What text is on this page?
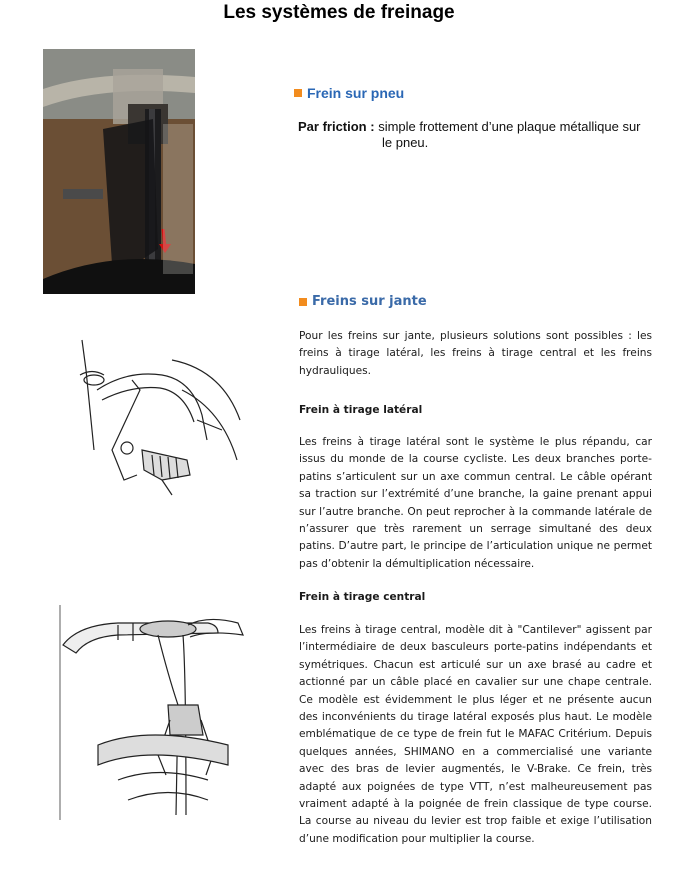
Les systèmes de freinage
Frein sur pneu
Par friction : simple frottement d’une plaque métallique sur
le pneu.
Freins sur jante
Pour les freins sur jante, plusieurs solutions sont possibles : les freins à tirage latéral, les freins à tirage central et les freins hydrauliques.
Frein à tirage latéral
Les freins à tirage latéral sont le système le plus répandu, car issus du monde de la course cycliste. Les deux branches porte-patins s’articulent sur un axe commun central. Le câble opérant sa traction sur l’extrémité d’une branche, la gaine prenant appui sur l’autre branche. On peut reprocher à la commande latérale de n’assurer que très rarement un serrage simultané des deux patins. D’autre part, le principe de l’articulation unique ne permet pas d’obtenir la démultiplication nécessaire.
Frein à tirage central
Les freins à tirage central, modèle dit à "Cantilever" agissent par l’intermédiaire de deux basculeurs porte-patins indépendants et symétriques. Chacun est articulé sur un axe brasé au cadre et actionné par un câble placé en cavalier sur une chape centrale. Ce modèle est évidemment le plus léger et ne présente aucun des inconvénients du tirage latéral exposés plus haut. Le modèle emblématique de ce type de frein fut le MAFAC Critérium. Depuis quelques années, SHIMANO en a commercialisé une variante avec des bras de levier augmentés, le V-Brake. Ce frein, très adapté aux poignées de type VTT, n’est malheureusement pas vraiment adapté à la poignée de frein classique de type course. La course au niveau du levier est trop faible et exige l’utilisation d’une modification pour multiplier la course.
